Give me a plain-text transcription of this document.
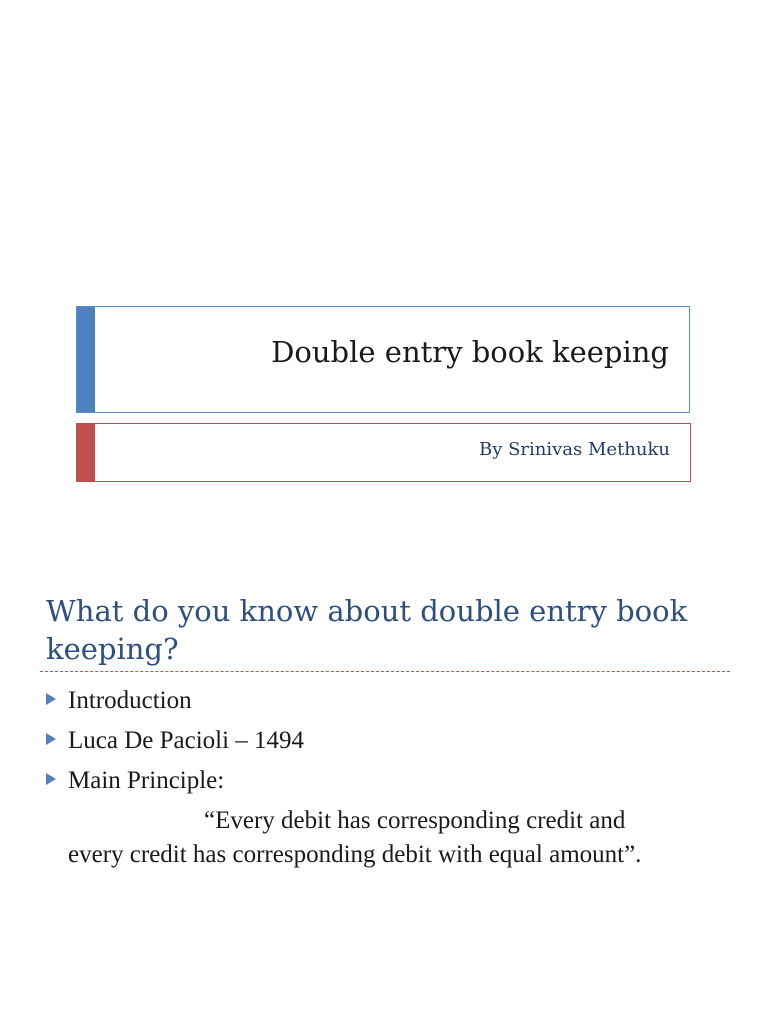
Double entry book keeping
By Srinivas Methuku
What do you know about double entry book keeping?
Introduction
Luca De Pacioli – 1494
Main Principle:

“Every debit has corresponding credit and
every credit has corresponding debit with equal amount”.
